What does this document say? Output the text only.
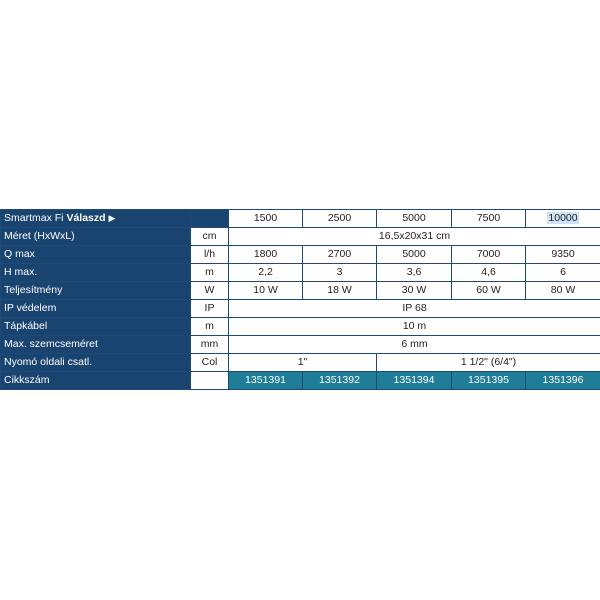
Smartmax Fi Válaszd ▶		1500	2500	5000	7500	10000
Méret (HxWxL)	cm	16,5x20x31 cm				
Q max	l/h	1800	2700	5000	7000	9350
H max.	m	2,2	3	3,6	4,6	6
Teljesítmény	W	10 W	18 W	30 W	60 W	80 W
IP védelem	IP	IP 68				
Tápkábel	m	10 m				
Max. szemcseméret	mm	6 mm				
Nyomó oldali csatl.	Col	1"		1 1/2" (6/4")		
Cikkszám		1351391	1351392	1351394	1351395	1351396
